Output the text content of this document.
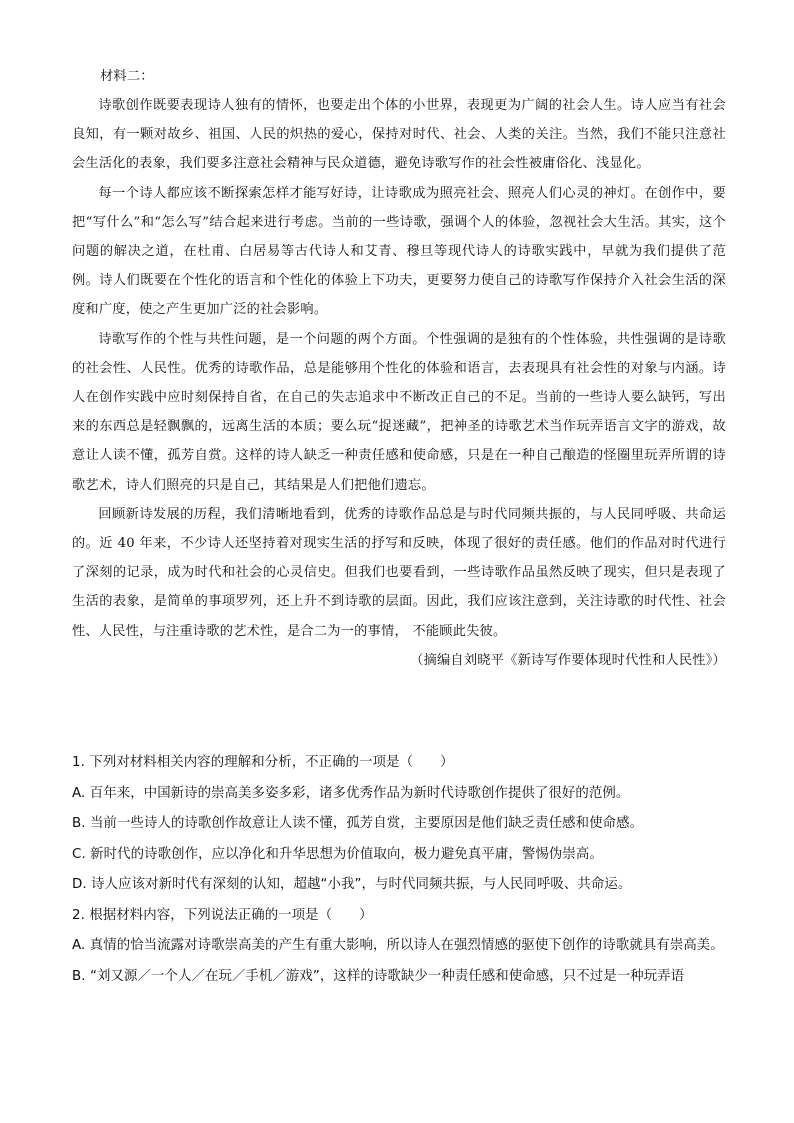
材料二：

诗歌创作既要表现诗人独有的情怀，也要走出个体的小世界，表现更为广阔的社会人生。诗人应当有社会良知，有一颗对故乡、祖国、人民的炽热的爱心，保持对时代、社会、人类的关注。当然，我们不能只注意社会生活化的表象，我们要多注意社会精神与民众道德，避免诗歌写作的社会性被庸俗化、浅显化。

每一个诗人都应该不断探索怎样才能写好诗，让诗歌成为照亮社会、照亮人们心灵的神灯。在创作中，要把“写什么”和“怎么写”结合起来进行考虑。当前的一些诗歌，强调个人的体验，忽视社会大生活。其实，这个问题的解决之道，在杜甫、白居易等古代诗人和艾青、穆旦等现代诗人的诗歌实践中，早就为我们提供了范例。诗人们既要在个性化的语言和个性化的体验上下功夫，更要努力使自己的诗歌写作保持介入社会生活的深度和广度，使之产生更加广泛的社会影响。

诗歌写作的个性与共性问题，是一个问题的两个方面。个性强调的是独有的个性体验，共性强调的是诗歌的社会性、人民性。优秀的诗歌作品，总是能够用个性化的体验和语言，去表现具有社会性的对象与内涵。诗人在创作实践中应时刻保持自省，在自己的失志追求中不断改正自己的不足。当前的一些诗人要么缺钙，写出来的东西总是轻飘飘的，远离生活的本质；要么玩“捉迷藏”，把神圣的诗歌艺术当作玩弄语言文字的游戏，故意让人读不懂，孤芳自赏。这样的诗人缺乏一种责任感和使命感，只是在一种自己酿造的怪圈里玩弄所谓的诗歌艺术，诗人们照亮的只是自己，其结果是人们把他们遗忘。

回顾新诗发展的历程，我们清晰地看到，优秀的诗歌作品总是与时代同频共振的，与人民同呼吸、共命运的。近 40 年来，不少诗人还坚持着对现实生活的抒写和反映，体现了很好的责任感。他们的作品对时代进行了深刻的记录，成为时代和社会的心灵信史。但我们也要看到，一些诗歌作品虽然反映了现实，但只是表现了生活的表象，是简单的事项罗列，还上升不到诗歌的层面。因此，我们应该注意到，关注诗歌的时代性、社会性、人民性，与注重诗歌的艺术性，是合二为一的事情， 不能顾此失彼。

（摘编自刘晓平《新诗写作要体现时代性和人民性》）
1. 下列对材料相关内容的理解和分析，不正确的一项是（　　）
A. 百年来，中国新诗的崇高美多姿多彩，诸多优秀作品为新时代诗歌创作提供了很好的范例。
B. 当前一些诗人的诗歌创作故意让人读不懂，孤芳自赏，主要原因是他们缺乏责任感和使命感。
C. 新时代的诗歌创作，应以净化和升华思想为价值取向，极力避免真平庸，警惕伪崇高。
D. 诗人应该对新时代有深刻的认知，超越“小我”，与时代同频共振，与人民同呼吸、共命运。
2. 根据材料内容，下列说法正确的一项是（　　）
A. 真情的恰当流露对诗歌崇高美的产生有重大影响，所以诗人在强烈情感的驱使下创作的诗歌就具有崇高美。
B. “刘又源／一个人／在玩／手机／游戏”，这样的诗歌缺少一种责任感和使命感，只不过是一种玩弄语
